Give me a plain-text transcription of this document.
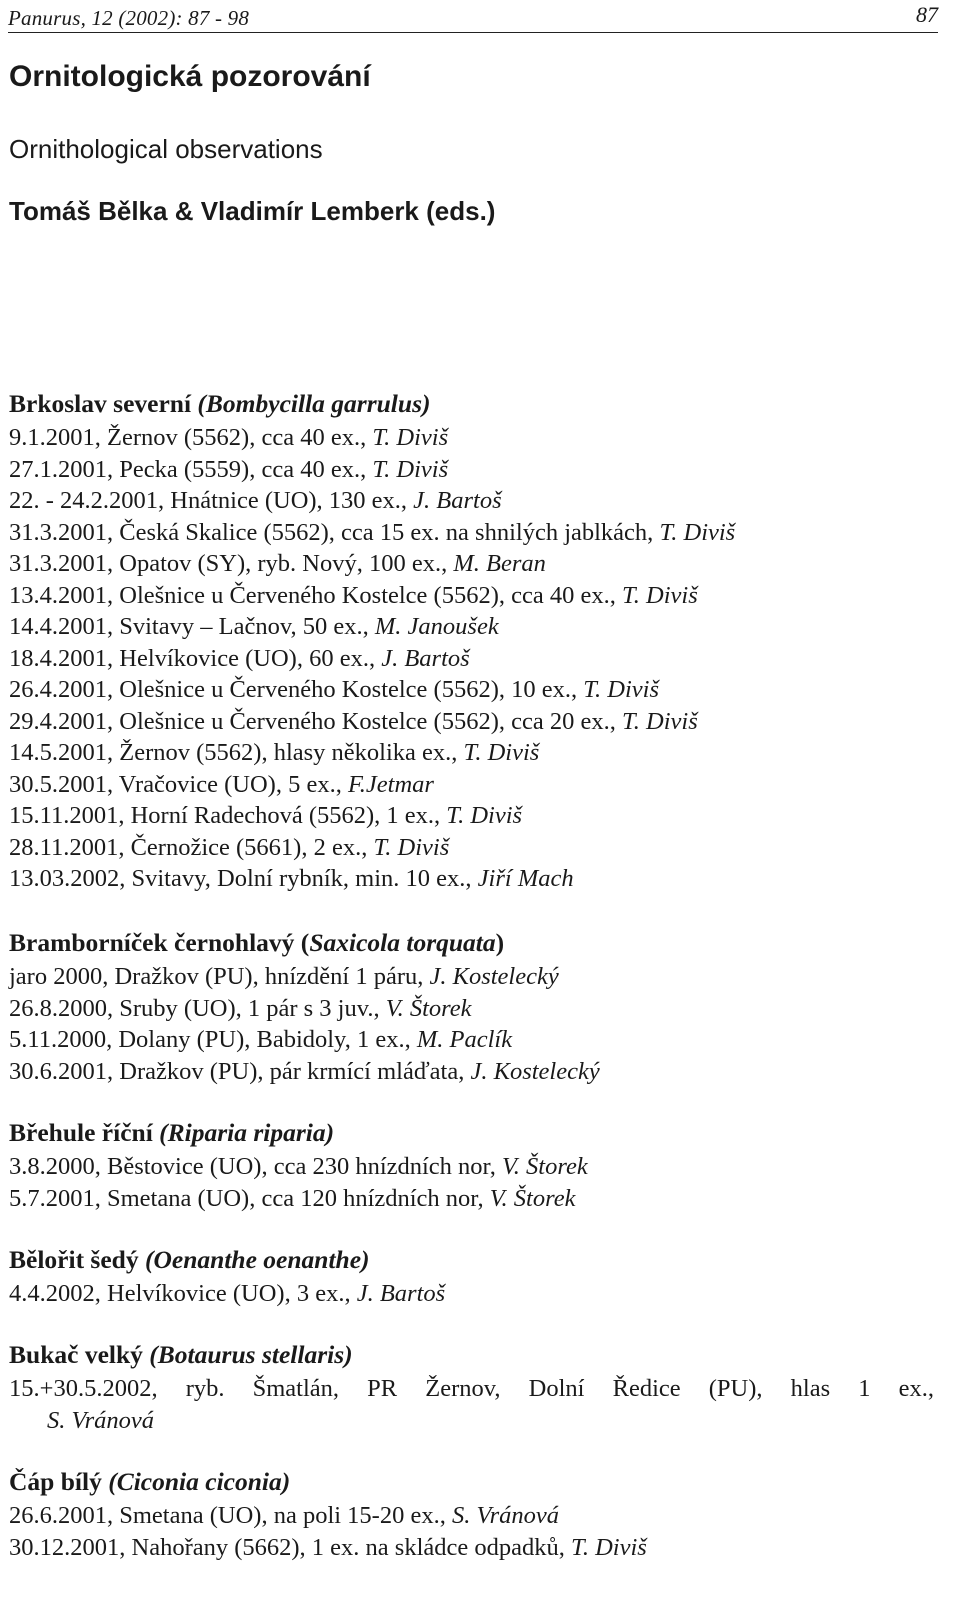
Panurus, 12 (2002): 87 - 98	87
Ornitologická pozorování

Ornithological observations

Tomáš Bělka & Vladimír Lemberk (eds.)

Brkoslav severní (Bombycilla garrulus)
9.1.2001, Žernov (5562), cca 40 ex., T. Diviš
27.1.2001, Pecka (5559), cca 40 ex., T. Diviš
22. - 24.2.2001, Hnátnice (UO), 130 ex., J. Bartoš
31.3.2001, Česká Skalice (5562), cca 15 ex. na shnilých jablkách, T. Diviš
31.3.2001, Opatov (SY), ryb. Nový, 100 ex., M. Beran
13.4.2001, Olešnice u Červeného Kostelce (5562), cca 40 ex., T. Diviš
14.4.2001, Svitavy – Lačnov, 50 ex., M. Janoušek
18.4.2001, Helvíkovice (UO), 60 ex., J. Bartoš
26.4.2001, Olešnice u Červeného Kostelce (5562), 10 ex., T. Diviš
29.4.2001, Olešnice u Červeného Kostelce (5562), cca 20 ex., T. Diviš
14.5.2001, Žernov (5562), hlasy několika ex., T. Diviš
30.5.2001, Vračovice (UO), 5 ex., F.Jetmar
15.11.2001, Horní Radechová (5562), 1 ex., T. Diviš
28.11.2001, Černožice (5661), 2 ex., T. Diviš
13.03.2002, Svitavy, Dolní rybník, min. 10 ex., Jiří Mach
Bramborníček černohlavý (Saxicola torquata)
jaro 2000, Dražkov (PU), hnízdění 1 páru, J. Kostelecký
26.8.2000, Sruby (UO), 1 pár s 3 juv., V. Štorek
5.11.2000, Dolany (PU), Babidoly, 1 ex., M. Paclík
30.6.2001, Dražkov (PU), pár krmící mláďata, J. Kostelecký
Břehule říční (Riparia riparia)
3.8.2000, Běstovice (UO), cca 230 hnízdních nor, V. Štorek
5.7.2001, Smetana (UO), cca 120 hnízdních nor, V. Štorek
Bělořit šedý (Oenanthe oenanthe)
4.4.2002, Helvíkovice (UO), 3 ex., J. Bartoš
Bukač velký (Botaurus stellaris)
15.+30.5.2002, ryb. Šmatlán, PR Žernov, Dolní Ředice (PU), hlas 1 ex.,
S. Vránová
Čáp bílý (Ciconia ciconia)
26.6.2001, Smetana (UO), na poli 15-20 ex., S. Vránová
30.12.2001, Nahořany (5662), 1 ex. na skládce odpadků, T. Diviš
